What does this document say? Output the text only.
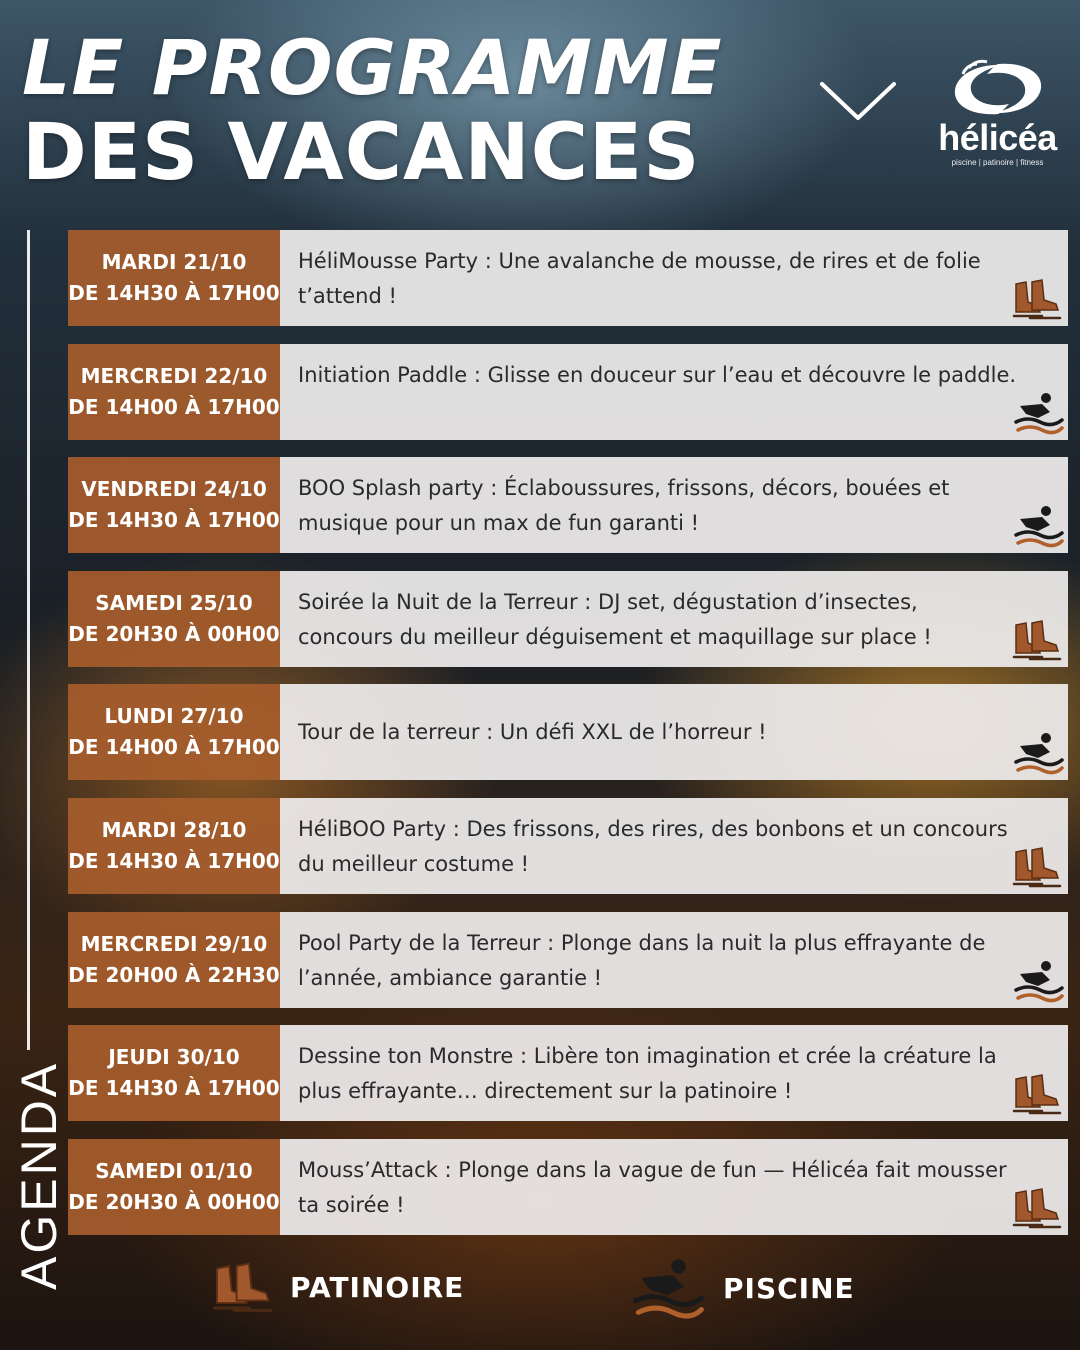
LE PROGRAMME
DES VACANCES	hélicéa
piscine | patinoire | fitness
AGENDA
MARDI 21/10
DE 14H30 À 17H00
HéliMousse Party : Une avalanche de mousse, de rires et de folie t’attend !
MERCREDI 22/10
DE 14H00 À 17H00
Initiation Paddle : Glisse en douceur sur l’eau et découvre le paddle.
VENDREDI 24/10
DE 14H30 À 17H00
BOO Splash party : Éclaboussures, frissons, décors, bouées et musique pour un max de fun garanti !
SAMEDI 25/10
DE 20H30 À 00H00
Soirée la Nuit de la Terreur : DJ set, dégustation d’insectes, concours du meilleur déguisement et maquillage sur place !
LUNDI 27/10
DE 14H00 À 17H00
Tour de la terreur : Un défi XXL de l’horreur !
MARDI 28/10
DE 14H30 À 17H00
HéliBOO Party : Des frissons, des rires, des bonbons et un concours du meilleur costume !
MERCREDI 29/10
DE 20H00 À 22H30
Pool Party de la Terreur : Plonge dans la nuit la plus effrayante de l’année, ambiance garantie !
JEUDI 30/10
DE 14H30 À 17H00
Dessine ton Monstre : Libère ton imagination et crée la créature la plus effrayante… directement sur la patinoire !
SAMEDI 01/10
DE 20H30 À 00H00
Mouss’Attack : Plonge dans la vague de fun — Hélicéa fait mousser ta soirée !
PATINOIRE	PISCINE
